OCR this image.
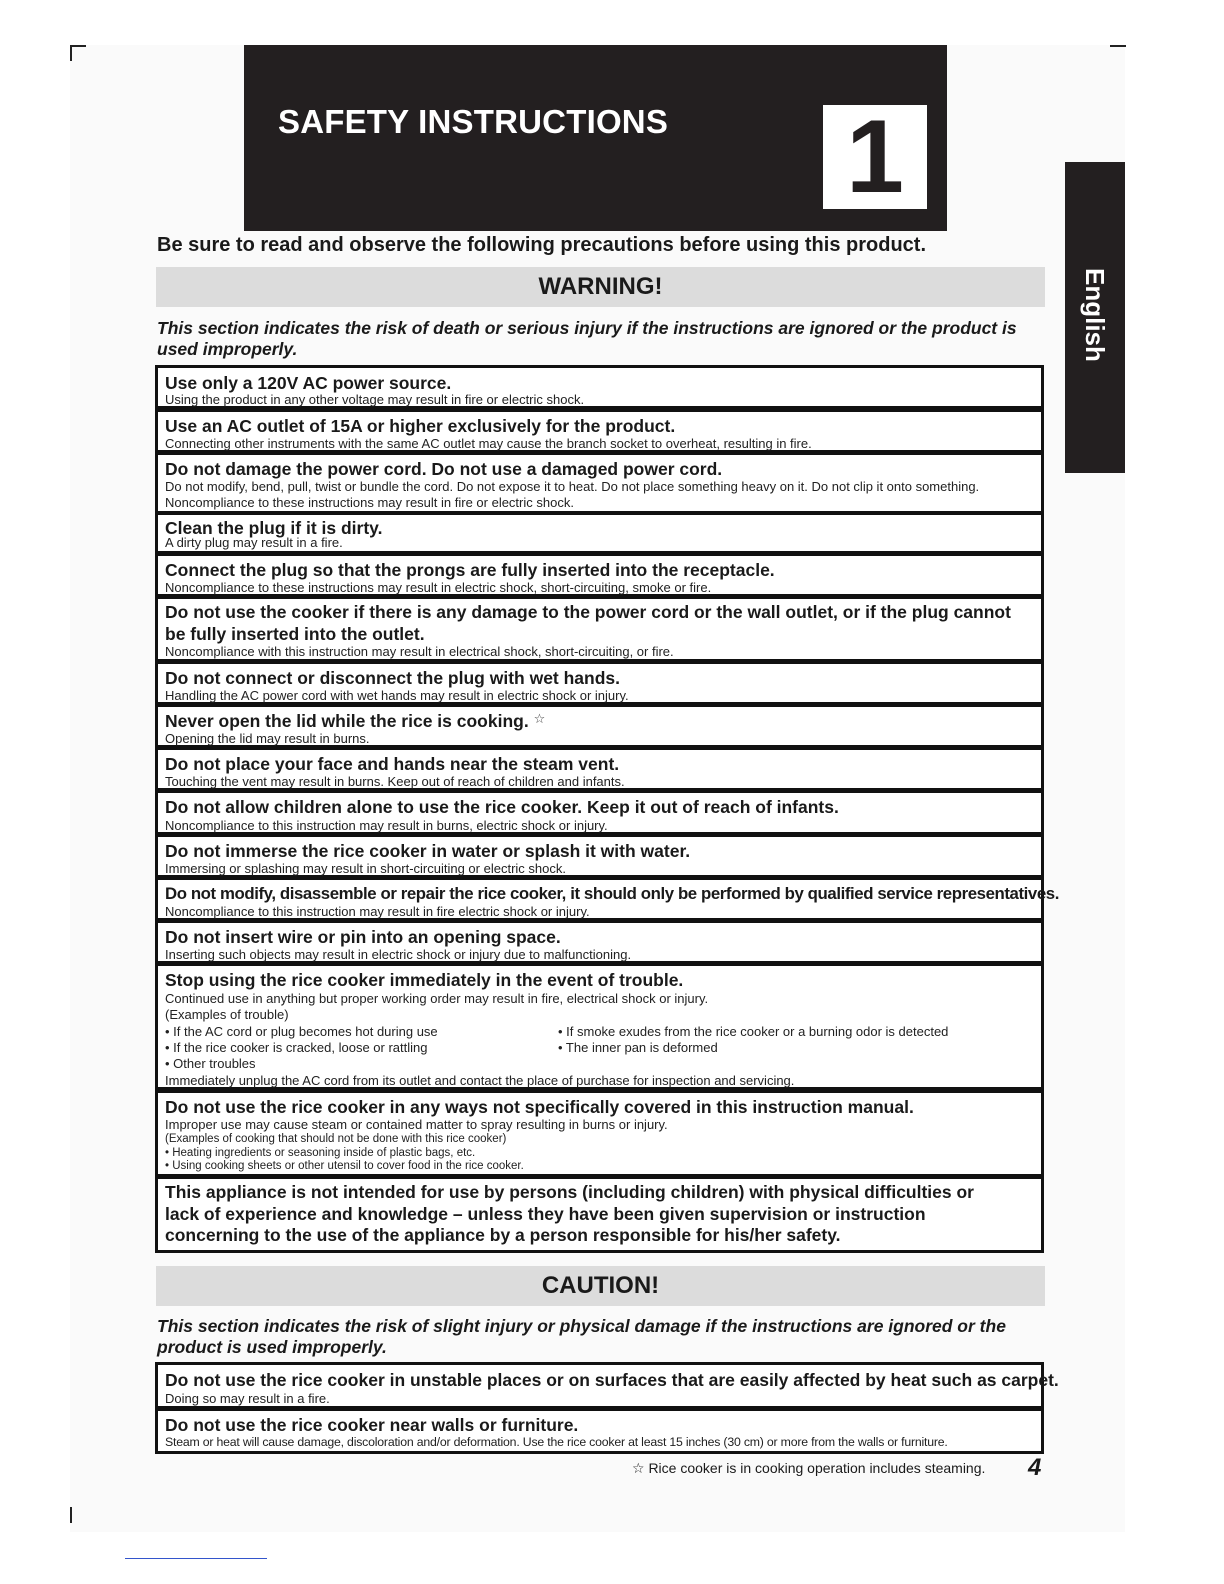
SAFETY INSTRUCTIONS 1
English
Be sure to read and observe the following precautions before using this product.
WARNING!
This section indicates the risk of death or serious injury if the instructions are ignored or the product is used improperly.
Use only a 120V AC power source.
Using the product in any other voltage may result in fire or electric shock.
Use an AC outlet of 15A or higher exclusively for the product.
Connecting other instruments with the same AC outlet may cause the branch socket to overheat, resulting in fire.
Do not damage the power cord. Do not use a damaged power cord.
Do not modify, bend, pull, twist or bundle the cord. Do not expose it to heat. Do not place something heavy on it. Do not clip it onto something. Noncompliance to these instructions may result in fire or electric shock.
Clean the plug if it is dirty.
A dirty plug may result in a fire.
Connect the plug so that the prongs are fully inserted into the receptacle.
Noncompliance to these instructions may result in electric shock, short-circuiting, smoke or fire.
Do not use the cooker if there is any damage to the power cord or the wall outlet, or if the plug cannot be fully inserted into the outlet.
Noncompliance with this instruction may result in electrical shock, short-circuiting, or fire.
Do not connect or disconnect the plug with wet hands.
Handling the AC power cord with wet hands may result in electric shock or injury.
Never open the lid while the rice is cooking. ☆
Opening the lid may result in burns.
Do not place your face and hands near the steam vent.
Touching the vent may result in burns. Keep out of reach of children and infants.
Do not allow children alone to use the rice cooker. Keep it out of reach of infants.
Noncompliance to this instruction may result in burns, electric shock or injury.
Do not immerse the rice cooker in water or splash it with water.
Immersing or splashing may result in short-circuiting or electric shock.
Do not modify, disassemble or repair the rice cooker, it should only be performed by qualified service representatives.
Noncompliance to this instruction may result in fire electric shock or injury.
Do not insert wire or pin into an opening space.
Inserting such objects may result in electric shock or injury due to malfunctioning.
Stop using the rice cooker immediately in the event of trouble.
Continued use in anything but proper working order may result in fire, electrical shock or injury.
(Examples of trouble)
• If the AC cord or plug becomes hot during use
• If the rice cooker is cracked, loose or rattling
• Other troubles
• If smoke exudes from the rice cooker or a burning odor is detected
• The inner pan is deformed
Immediately unplug the AC cord from its outlet and contact the place of purchase for inspection and servicing.
Do not use the rice cooker in any ways not specifically covered in this instruction manual.
Improper use may cause steam or contained matter to spray resulting in burns or injury.
(Examples of cooking that should not be done with this rice cooker)
• Heating ingredients or seasoning inside of plastic bags, etc.
• Using cooking sheets or other utensil to cover food in the rice cooker.
This appliance is not intended for use by persons (including children) with physical difficulties or lack of experience and knowledge – unless they have been given supervision or instruction concerning to the use of the appliance by a person responsible for his/her safety.
CAUTION!
This section indicates the risk of slight injury or physical damage if the instructions are ignored or the product is used improperly.
Do not use the rice cooker in unstable places or on surfaces that are easily affected by heat such as carpet.
Doing so may result in a fire.
Do not use the rice cooker near walls or furniture.
Steam or heat will cause damage, discoloration and/or deformation. Use the rice cooker at least 15 inches (30 cm) or more from the walls or furniture.
☆ Rice cooker is in cooking operation includes steaming. 4
